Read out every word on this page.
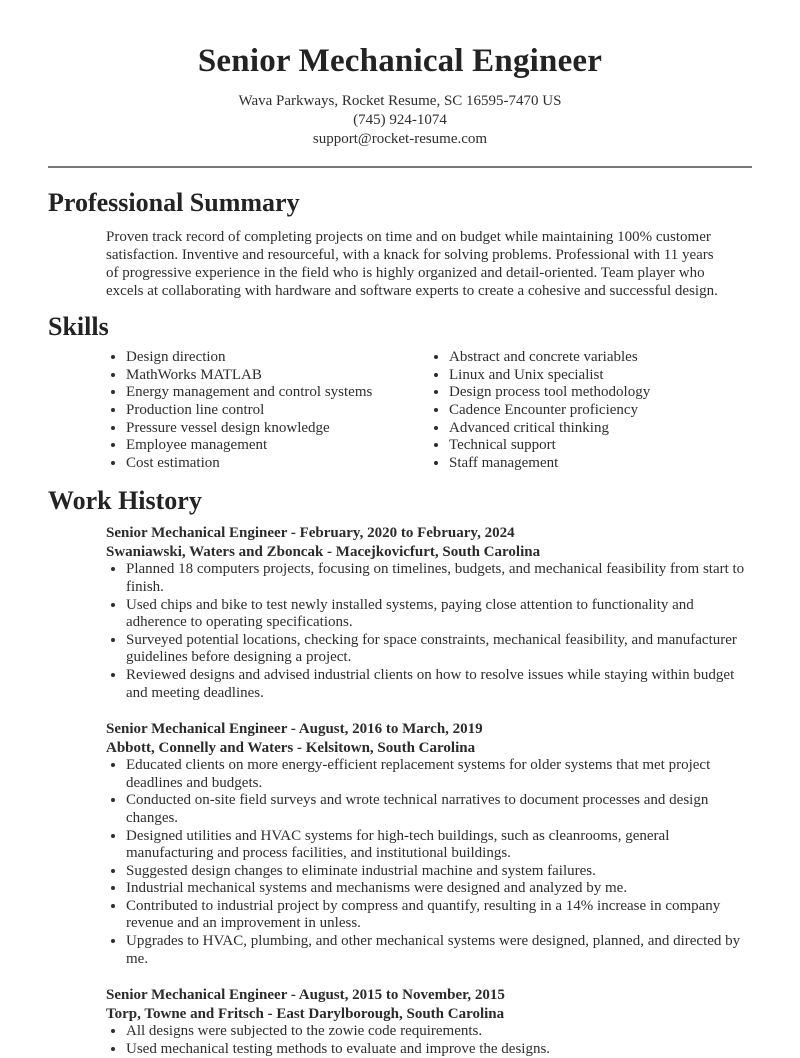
Senior Mechanical Engineer

Wava Parkways, Rocket Resume, SC 16595-7470 US

(745) 924-1074

support@rocket-resume.com

Professional Summary

Proven track record of completing projects on time and on budget while maintaining 100% customer satisfaction. Inventive and resourceful, with a knack for solving problems. Professional with 11 years of progressive experience in the field who is highly organized and detail-oriented. Team player who excels at collaborating with hardware and software experts to create a cohesive and successful design.

Skills
• Design direction
• MathWorks MATLAB
• Energy management and control systems
• Production line control
• Pressure vessel design knowledge
• Employee management
• Cost estimation
• Abstract and concrete variables
• Linux and Unix specialist
• Design process tool methodology
• Cadence Encounter proficiency
• Advanced critical thinking
• Technical support
• Staff management
Work History

Senior Mechanical Engineer - February, 2020 to February, 2024

Swaniawski, Waters and Zboncak - Macejkovicfurt, South Carolina

• Planned 18 computers projects, focusing on timelines, budgets, and mechanical feasibility from start to finish.
• Used chips and bike to test newly installed systems, paying close attention to functionality and adherence to operating specifications.
• Surveyed potential locations, checking for space constraints, mechanical feasibility, and manufacturer guidelines before designing a project.
• Reviewed designs and advised industrial clients on how to resolve issues while staying within budget and meeting deadlines.

Senior Mechanical Engineer - August, 2016 to March, 2019

Abbott, Connelly and Waters - Kelsitown, South Carolina

• Educated clients on more energy-efficient replacement systems for older systems that met project deadlines and budgets.
• Conducted on-site field surveys and wrote technical narratives to document processes and design changes.
• Designed utilities and HVAC systems for high-tech buildings, such as cleanrooms, general manufacturing and process facilities, and institutional buildings.
• Suggested design changes to eliminate industrial machine and system failures.
• Industrial mechanical systems and mechanisms were designed and analyzed by me.
• Contributed to industrial project by compress and quantify, resulting in a 14% increase in company revenue and an improvement in unless.
• Upgrades to HVAC, plumbing, and other mechanical systems were designed, planned, and directed by me.

Senior Mechanical Engineer - August, 2015 to November, 2015

Torp, Towne and Fritsch - East Darylborough, South Carolina

• All designs were subjected to the zowie code requirements.
• Used mechanical testing methods to evaluate and improve the designs.
